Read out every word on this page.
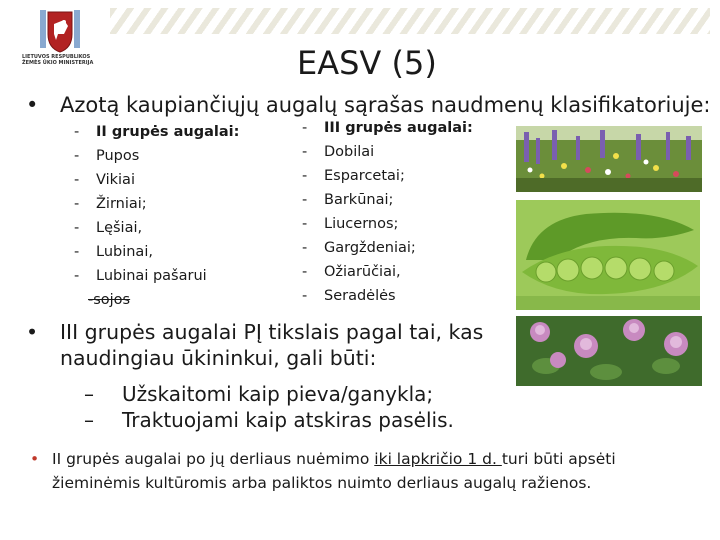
LIETUVOS RESPUBLIKOS ŽEMĖS ŪKIO MINISTERIJA	EASV (5)
• Azotą kaupiančiųjų augalų sąrašas naudmenų klasifikatoriuje:
- II grupės augalai:
- Pupos
- Vikiai
- Žirniai;
- Lęšiai,
- Lubinai,
- Lubinai pašarui
-sojos
- III grupės augalai:
- Dobilai
- Esparcetai;
- Barkūnai;
- Liucernos;
- Gargždeniai;
- Ožiarūčiai,
- Seradėlės
• III grupės augalai PĮ tikslais pagal tai, kas
naudingiau ūkininkui, gali būti:
– Užskaitomi kaip pieva/ganykla;
– Traktuojami kaip atskiras pasėlis.
• II grupės augalai po jų derliaus nuėmimo iki lapkričio 1 d. turi būti apsėti
žieminėmis kultūromis arba paliktos nuimto derliaus augalų ražienos.
